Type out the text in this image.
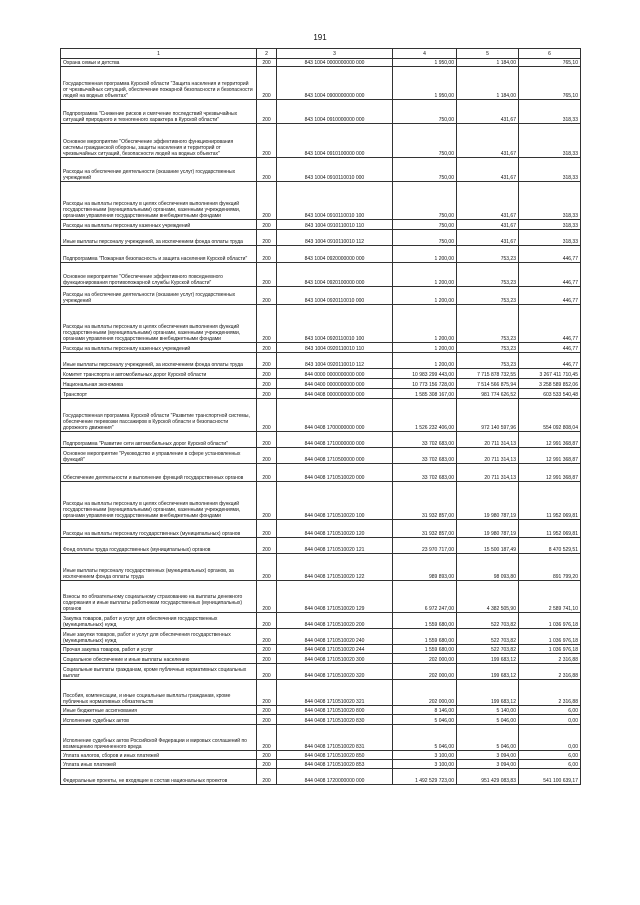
191
1	2	3	4	5	6
Охрана семьи и детства	200	843 1004 0000000000 000	1 950,00	1 184,00	765,10
Государственная программа Курской области "Защита населения и территорий от чрезвычайных ситуаций, обеспечение пожарной безопасности и безопасности людей на водных объектах"	200	843 1004 0900000000 000	1 950,00	1 184,00	765,10
Подпрограмма "Снижение рисков и смягчение последствий чрезвычайных ситуаций природного и техногенного характера в Курской области"	200	843 1004 0910000000 000	750,00	431,67	318,33
Основное мероприятие "Обеспечение эффективного функционирования системы гражданской обороны, защиты населения и территорий от чрезвычайных ситуаций, безопасности людей на водных объектах"	200	843 1004 0910100000 000	750,00	431,67	318,33
Расходы на обеспечение деятельности (оказание услуг) государственных учреждений	200	843 1004 0910110010 000	750,00	431,67	318,33
Расходы на выплаты персоналу в целях обеспечения выполнения функций государственными (муниципальными) органами, казенными учреждениями, органами управления государственными внебюджетными фондами	200	843 1004 0910110010 100	750,00	431,67	318,33
Расходы на выплаты персоналу казенных учреждений	200	843 1004 0910110010 110	750,00	431,67	318,33
Иные выплаты персоналу учреждений, за исключением фонда оплаты труда	200	843 1004 0910110010 112	750,00	431,67	318,33
Подпрограмма "Пожарная безопасность и защита населения Курской области"	200	843 1004 0920000000 000	1 200,00	753,23	446,77
Основное мероприятие "Обеспечение эффективного повседневного функционирования противопожарной службы Курской области"	200	843 1004 0920100000 000	1 200,00	753,23	446,77
Расходы на обеспечение деятельности (оказание услуг) государственных учреждений	200	843 1004 0920110010 000	1 200,00	753,23	446,77
Расходы на выплаты персоналу в целях обеспечения выполнения функций государственными (муниципальными) органами, казенными учреждениями, органами управления государственными внебюджетными фондами	200	843 1004 0920110010 100	1 200,00	753,23	446,77
Расходы на выплаты персоналу казенных учреждений	200	843 1004 0920110010 110	1 200,00	753,23	446,77
Иные выплаты персоналу учреждений, за исключением фонда оплаты труда	200	843 1004 0920110010 112	1 200,00	753,23	446,77
Комитет транспорта и автомобильных дорог Курской области	200	844 0000 0000000000 000	10 983 299 443,00	7 715 878 732,55	3 267 411 710,45
Национальная экономика	200	844 0400 0000000000 000	10 773 156 728,00	7 514 566 875,94	3 258 589 852,06
Транспорт	200	844 0408 0000000000 000	1 585 308 167,00	981 774 626,52	603 533 540,48
Государственная программа Курской области "Развитие транспортной системы, обеспечение перевозки пассажиров в Курской области и безопасности дорожного движения"	200	844 0408 1700000000 000	1 526 232 406,00	972 140 597,96	554 092 808,04
Подпрограмма "Развитие сети автомобильных дорог Курской области"	200	844 0408 1710000000 000	33 702 683,00	20 711 314,13	12 991 368,87
Основное мероприятие "Руководство и управление в сфере установленных функций"	200	844 0408 1710500000 000	33 702 683,00	20 711 314,13	12 991 368,87
Обеспечение деятельности и выполнение функций государственных органов	200	844 0408 1710510020 000	33 702 683,00	20 711 314,13	12 991 368,87
Расходы на выплаты персоналу в целях обеспечения выполнения функций государственными (муниципальными) органами, казенными учреждениями, органами управления государственными внебюджетными фондами	200	844 0408 1710510020 100	31 932 857,00	19 980 787,19	11 952 069,81
Расходы на выплаты персоналу государственных (муниципальных) органов	200	844 0408 1710510020 120	31 932 857,00	19 980 787,19	11 952 069,81
Фонд оплаты труда государственных (муниципальных) органов	200	844 0408 1710510020 121	23 970 717,00	15 500 187,49	8 470 529,51
Иные выплаты персоналу государственных (муниципальных) органов, за исключением фонда оплаты труда	200	844 0408 1710510020 122	989 893,00	98 093,80	891 799,20
Взносы по обязательному социальному страхованию на выплаты денежного содержания и иные выплаты работникам государственных (муниципальных) органов	200	844 0408 1710510020 129	6 972 247,00	4 382 505,90	2 589 741,10
Закупка товаров, работ и услуг для обеспечения государственных (муниципальных) нужд	200	844 0408 1710510020 200	1 559 680,00	522 703,82	1 036 976,18
Иные закупки товаров, работ и услуг для обеспечения государственных (муниципальных) нужд	200	844 0408 1710510020 240	1 559 680,00	522 703,82	1 036 976,18
Прочая закупка товаров, работ и услуг	200	844 0408 1710510020 244	1 559 680,00	522 703,82	1 036 976,18
Социальное обеспечение и иные выплаты населению	200	844 0408 1710510020 300	202 000,00	199 683,12	2 316,88
Социальные выплаты гражданам, кроме публичных нормативных социальных выплат	200	844 0408 1710510020 320	202 000,00	199 683,12	2 316,88
Пособия, компенсации, и иные социальные выплаты гражданам, кроме публичных нормативных обязательств	200	844 0408 1710510020 321	202 000,00	199 683,12	2 316,88
Иные бюджетные ассигнования	200	844 0408 1710510020 800	8 146,00	5 140,00	6,00
Исполнение судебных актов	200	844 0408 1710510020 830	5 046,00	5 046,00	0,00
Исполнение судебных актов Российской Федерации и мировых соглашений по возмещению причиненного вреда	200	844 0408 1710510020 831	5 046,00	5 046,00	0,00
Уплата налогов, сборов и иных платежей	200	844 0408 1710510020 850	3 100,00	3 094,00	6,00
Уплата иных платежей	200	844 0408 1710510020 853	3 100,00	3 094,00	6,00
Федеральные проекты, не входящие в состав национальных проектов	200	844 0408 1720000000 000	1 492 529 723,00	951 429 083,83	541 100 639,17
